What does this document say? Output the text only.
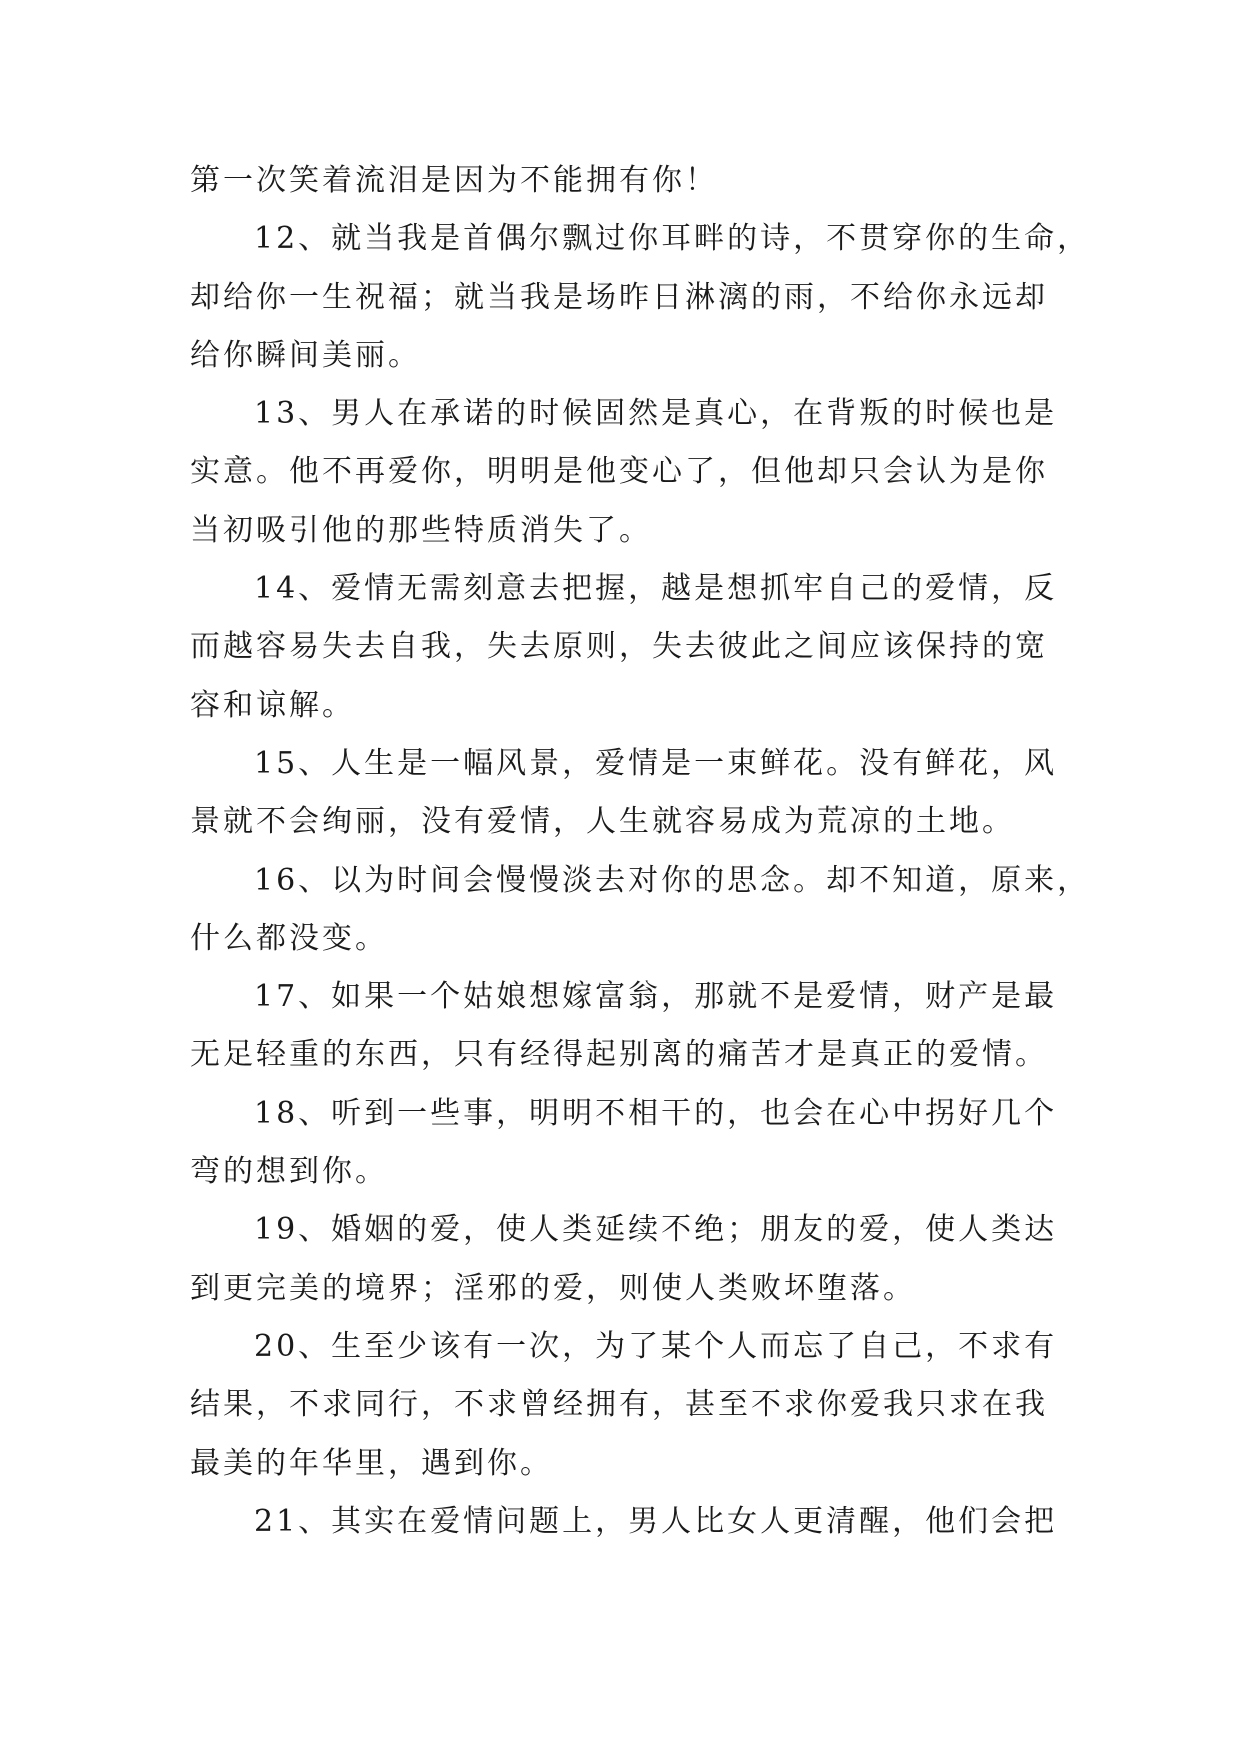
第一次笑着流泪是因为不能拥有你！
12、就当我是首偶尔飘过你耳畔的诗，不贯穿你的生命，
却给你一生祝福；就当我是场昨日淋漓的雨，不给你永远却
给你瞬间美丽。
13、男人在承诺的时候固然是真心，在背叛的时候也是
实意。他不再爱你，明明是他变心了，但他却只会认为是你
当初吸引他的那些特质消失了。
14、爱情无需刻意去把握，越是想抓牢自己的爱情，反
而越容易失去自我，失去原则，失去彼此之间应该保持的宽
容和谅解。
15、人生是一幅风景，爱情是一束鲜花。没有鲜花，风
景就不会绚丽，没有爱情，人生就容易成为荒凉的土地。
16、以为时间会慢慢淡去对你的思念。却不知道，原来，
什么都没变。
17、如果一个姑娘想嫁富翁，那就不是爱情，财产是最
无足轻重的东西，只有经得起别离的痛苦才是真正的爱情。
18、听到一些事，明明不相干的，也会在心中拐好几个
弯的想到你。
19、婚姻的爱，使人类延续不绝；朋友的爱，使人类达
到更完美的境界；淫邪的爱，则使人类败坏堕落。
20、生至少该有一次，为了某个人而忘了自己，不求有
结果，不求同行，不求曾经拥有，甚至不求你爱我只求在我
最美的年华里，遇到你。
21、其实在爱情问题上，男人比女人更清醒，他们会把
